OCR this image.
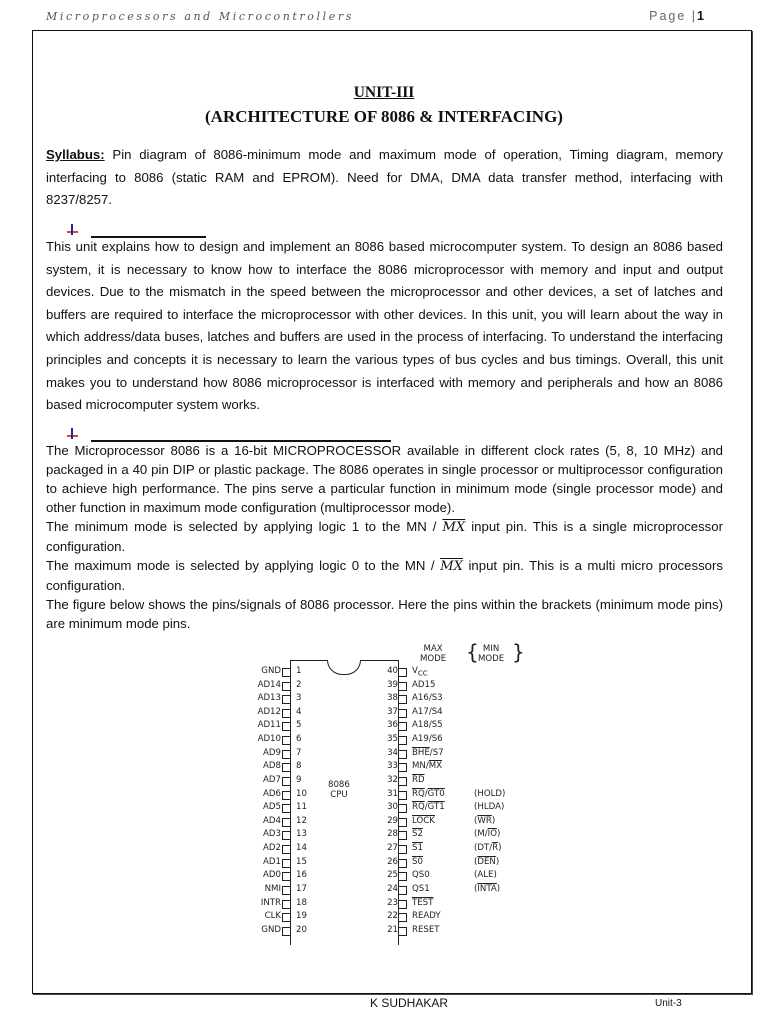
Microprocessors and Microcontrollers	Page |1
UNIT-III
(ARCHITECTURE OF 8086 & INTERFACING)
Syllabus: Pin diagram of 8086-minimum mode and maximum mode of operation, Timing diagram, memory interfacing to 8086 (static RAM and EPROM). Need for DMA, DMA data transfer method, interfacing with 8237/8257.
This unit explains how to design and implement an 8086 based microcomputer system. To design an 8086 based system, it is necessary to know how to interface the 8086 microprocessor with memory and input and output devices. Due to the mismatch in the speed between the microprocessor and other devices, a set of latches and buffers are required to interface the microprocessor with other devices. In this unit, you will learn about the way in which address/data buses, latches and buffers are used in the process of interfacing. To understand the interfacing principles and concepts it is necessary to learn the various types of bus cycles and bus timings. Overall, this unit makes you to understand how 8086 microprocessor is interfaced with memory and peripherals and how an 8086 based microcomputer system works.
The Microprocessor 8086 is a 16-bit MICROPROCESSOR available in different clock rates (5, 8, 10 MHz) and packaged in a 40 pin DIP or plastic package. The 8086 operates in single processor or multiprocessor configuration to achieve high performance. The pins serve a particular function in minimum mode (single processor mode) and other function in maximum mode configuration (multiprocessor mode).
The minimum mode is selected by applying logic 1 to the MN / $\overline{MX}$ input pin. This is a single microprocessor configuration.
The maximum mode is selected by applying logic 0 to the MN / $\overline{MX}$ input pin. This is a multi micro processors configuration.
The figure below shows the pins/signals of 8086 processor. Here the pins within the brackets (minimum mode pins) are minimum mode pins.
MAX
MODE { MIN
MODE }
8086
CPU
GND 1
AD14 2
AD13 3
AD12 4
AD11 5
AD10 6
AD9 7
AD8 8
AD7 9
AD6 10
AD5 11
AD4 12
AD3 13
AD2 14
AD1 15
AD0 16
NMI 17
INTR 18
CLK 19
GND 20
40 $V_{CC}$
39 AD15
38 A16/S3
37 A17/S4
36 A18/S5
35 A19/S6
34 $\overline{BHE}/S7$
33 $MN/\overline{MX}$
32 $\overline{RD}$
31 $\overline{RQ}/GT0$	(HOLD)
30 $\overline{RQ}/GT1$	(HLDA)
29 LOCK	$(\overline{WR})$
28 S2	$(M/\overline{IO})$
27 S1	$(DT/\overline{R})$
26 S0	$(\overline{DEN})$
25 QS0	(ALE)
24 QS1	(INTA)
23 TEST
22 READY
21 RESET
K SUDHAKAR	Unit-3
